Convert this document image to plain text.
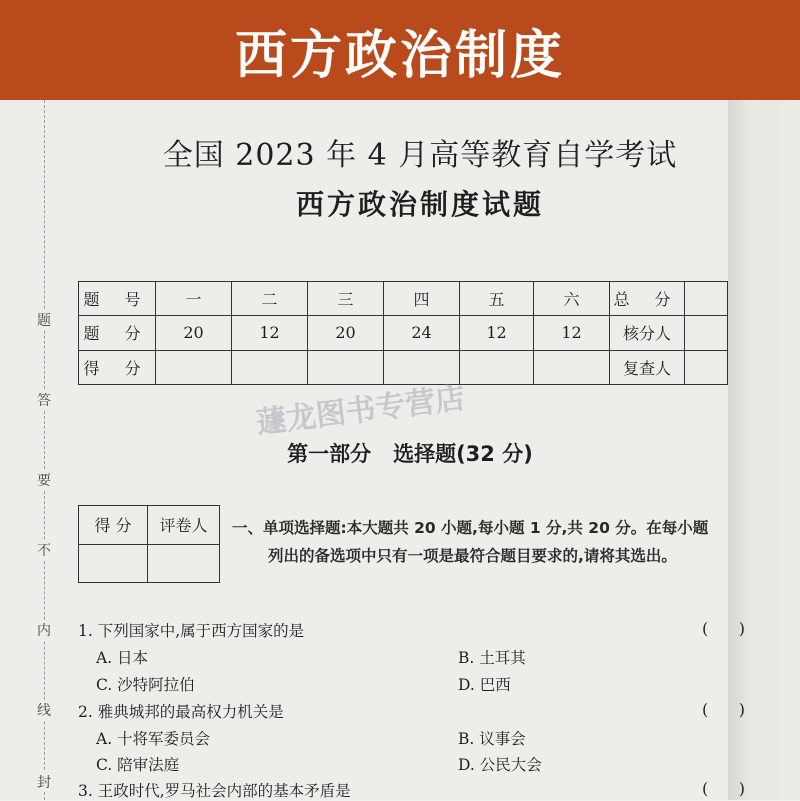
西方政治制度
题
答
要
不
内
线
封
全国 2023 年 4 月高等教育自学考试
西方政治制度试题
题 号	一	二	三	四	五	六	总 分	
题 分	20	12	20	24	12	12	核分人	
得 分							复查人	
蘧龙图书专营店
第一部分   选择题(32 分)
得 分	评卷人
	一、单项选择题:本大题共 20 小题,每小题 1 分,共 20 分。在每小题
列出的备选项中只有一项是最符合题目要求的,请将其选出。
1. 下列国家中,属于西方国家的是	(      )
A. 日本	B. 土耳其
C. 沙特阿拉伯	D. 巴西
2. 雅典城邦的最高权力机关是	(      )
A. 十将军委员会	B. 议事会
C. 陪审法庭	D. 公民大会
3. 王政时代,罗马社会内部的基本矛盾是	(      )
